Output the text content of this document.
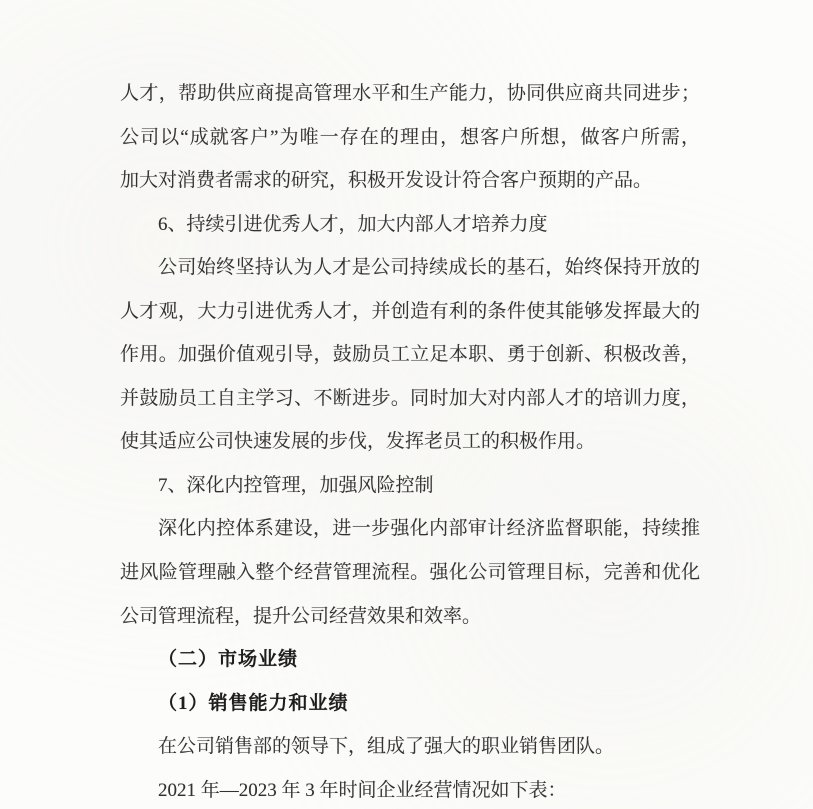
人才，帮助供应商提高管理水平和生产能力，协同供应商共同进步；
公司以“成就客户”为唯一存在的理由，想客户所想，做客户所需，
加大对消费者需求的研究，积极开发设计符合客户预期的产品。
6、持续引进优秀人才，加大内部人才培养力度
公司始终坚持认为人才是公司持续成长的基石，始终保持开放的
人才观，大力引进优秀人才，并创造有利的条件使其能够发挥最大的
作用。加强价值观引导，鼓励员工立足本职、勇于创新、积极改善，
并鼓励员工自主学习、不断进步。同时加大对内部人才的培训力度，
使其适应公司快速发展的步伐，发挥老员工的积极作用。
7、深化内控管理，加强风险控制
深化内控体系建设，进一步强化内部审计经济监督职能，持续推
进风险管理融入整个经营管理流程。强化公司管理目标，完善和优化
公司管理流程，提升公司经营效果和效率。
（二）市场业绩
（1）销售能力和业绩
在公司销售部的领导下，组成了强大的职业销售团队。
2021 年—2023 年 3 年时间企业经营情况如下表：
